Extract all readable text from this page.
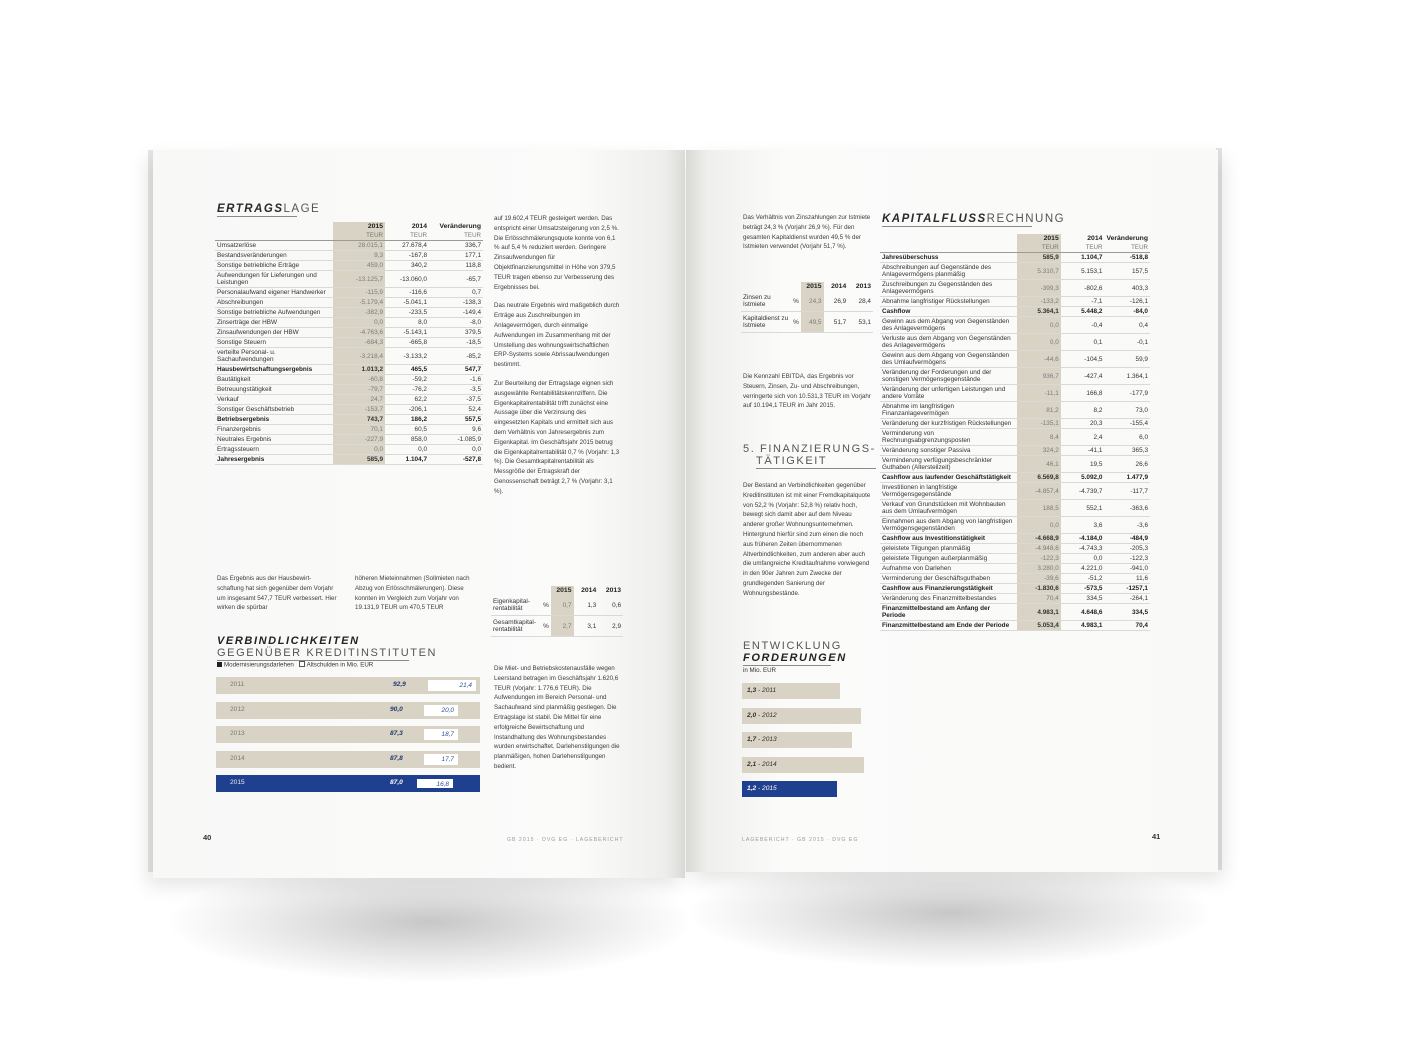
ERTRAGSLAGE
	2015	2014	Veränderung
	TEUR	TEUR	TEUR
Umsatzerlöse	28.015,1	27.678,4	336,7
Bestandsveränderungen	9,3	-167,8	177,1
Sonstige betriebliche Erträge	459,0	340,2	118,8
Aufwendungen für Lieferungen und Leistungen	-13.125,7	-13.060,0	-65,7
Personalaufwand eigener Handwerker	-115,9	-116,6	0,7
Abschreibungen	-5.179,4	-5.041,1	-138,3
Sonstige betriebliche Aufwendungen	-382,9	-233,5	-149,4
Zinserträge der HBW	0,0	8,0	-8,0
Zinsaufwendungen der HBW	-4.763,6	-5.143,1	379,5
Sonstige Steuern	-684,3	-665,8	-18,5
verteilte Personal- u. Sachaufwendungen	-3.218,4	-3.133,2	-85,2
Hausbewirtschaftungsergebnis	1.013,2	465,5	547,7
Bautätigkeit	-60,8	-59,2	-1,6
Betreuungstätigkeit	-79,7	-76,2	-3,5
Verkauf	24,7	62,2	-37,5
Sonstiger Geschäftsbetrieb	-153,7	-206,1	52,4
Betriebsergebnis	743,7	186,2	557,5
Finanzergebnis	70,1	60,5	9,6
Neutrales Ergebnis	-227,9	858,0	-1.085,9
Ertragssteuern	0,0	0,0	0,0
Jahresergebnis	585,9	1.104,7	-527,8

Das Ergebnis aus der Hausbewirt-schaftung hat sich gegenüber dem Vorjahr um insgesamt 547,7 TEUR verbessert. Hier wirken die spürbar

höheren Mieteinnahmen (Sollmieten nach Abzug von Erlösschmälerungen). Diese konnten im Vergleich zum Vorjahr von 19.131,9 TEUR um 470,5 TEUR

VERBINDLICHKEITEN
GEGENÜBER KREDITINSTITUTEN
Modernisierungsdarlehen Altschulden in Mio. EUR
2011	92,9	21,4
2012	90,0	20,0
2013	87,3	18,7
2014	87,8	17,7
2015	87,0	16,8

auf 19.602,4 TEUR gesteigert werden. Das entspricht einer Umsatzsteigerung von 2,5 %. Die Erlösschmälerungsquote konnte von 6,1 % auf 5,4 % reduziert werden. Geringere Zinsaufwendungen für Objektfinanzierungsmittel in Höhe von 379,5 TEUR tragen ebenso zur Verbesserung des Ergebnisses bei.

Das neutrale Ergebnis wird maßgeblich durch Erträge aus Zuschreibungen im Anlagevermögen, durch einmalige Aufwendungen im Zusammenhang mit der Umstellung des wohnungswirtschaftlichen ERP-Systems sowie Abrissaufwendungen bestimmt.

Zur Beurteilung der Ertragslage eignen sich ausgewählte Rentabilitätskennziffern. Die Eigenkapitalrentabilität trifft zunächst eine Aussage über die Verzinsung des eingesetzten Kapitals und ermittelt sich aus dem Verhältnis von Jahresergebnis zum Eigenkapital. Im Geschäftsjahr 2015 betrug die Eigenkapitalrentabilität 0,7 % (Vorjahr: 1,3 %). Die Gesamtkapitalrentabilität als Messgröße der Ertragskraft der Genossenschaft beträgt 2,7 % (Vorjahr: 3,1 %).

		2015	2014	2013
Eigenkapital-rentabilität	%	0,7	1,3	0,6
Gesamtkapital-rentabilität	%	2,7	3,1	2,9

Die Miet- und Betriebskostenausfälle wegen Leerstand betragen im Geschäftsjahr 1.620,6 TEUR (Vorjahr: 1.776,6 TEUR). Die Aufwendungen im Bereich Personal- und Sachaufwand sind planmäßig gestiegen. Die Ertragslage ist stabil. Die Mittel für eine erfolgreiche Bewirtschaftung und Instandhaltung des Wohnungsbestandes wurden erwirtschaftet. Darlehenstilgungen die planmäßigen, hohen Darlehenstilgungen bedient.

40	GB 2015 · DVG EG · LAGEBERICHT

Das Verhältnis von Zinszahlungen zur Istmiete beträgt 24,3 % (Vorjahr 26,9 %). Für den gesamten Kapitaldienst wurden 49,5 % der Istmieten verwendet (Vorjahr 51,7 %).

		2015	2014	2013
Zinsen zu Istmiete	%	24,3	26,9	28,4
Kapitaldienst zu Istmiete	%	49,5	51,7	53,1

Die Kennzahl EBITDA, das Ergebnis vor Steuern, Zinsen, Zu- und Abschreibungen, verringerte sich von 10.531,3 TEUR im Vorjahr auf 10.194,1 TEUR im Jahr 2015.

5. FINANZIERUNGS-
TÄTIGKEIT

Der Bestand an Verbindlichkeiten gegenüber Kreditinstituten ist mit einer Fremdkapitalquote von 52,2 % (Vorjahr: 52,8 %) relativ hoch, bewegt sich damit aber auf dem Niveau anderer großer Wohnungsunternehmen. Hintergrund hierfür sind zum einen die noch aus früheren Zeiten übernommenen Altverbindlichkeiten, zum anderen aber auch die umfangreiche Kreditaufnahme vorwiegend in den 90er Jahren zum Zwecke der grundlegenden Sanierung der Wohnungsbestände.

ENTWICKLUNG
FORDERUNGEN
in Mio. EUR
1,3 - 2011
2,0 - 2012
1,7 - 2013
2,1 - 2014
1,2 - 2015
KAPITALFLUSSRECHNUNG
	2015	2014	Veränderung
	TEUR	TEUR	TEUR
Jahresüberschuss	585,9	1.104,7	-518,8
Abschreibungen auf Gegenstände des Anlagevermögens planmäßig	5.310,7	5.153,1	157,5
Zuschreibungen zu Gegenständen des Anlagevermögens	-399,3	-802,6	403,3
Abnahme langfristiger Rückstellungen	-133,2	-7,1	-126,1
Cashflow	5.364,1	5.448,2	-84,0
Gewinn aus dem Abgang von Gegenständen des Anlagevermögens	0,0	-0,4	0,4
Verluste aus dem Abgang von Gegenständen des Anlagevermögens	0,0	0,1	-0,1
Gewinn aus dem Abgang von Gegenständen des Umlaufvermögens	-44,6	-104,5	59,9
Veränderung der Forderungen und der sonstigen Vermögensgegenstände	936,7	-427,4	1.364,1
Veränderung der unfertigen Leistungen und andere Vorräte	-11,1	166,8	-177,9
Abnahme im langfristigen Finanzanlagevermögen	81,2	8,2	73,0
Veränderung der kurzfristigen Rückstellungen	-135,1	20,3	-155,4
Verminderung von Rechnungsabgrenzungsposten	8,4	2,4	6,0
Veränderung sonstiger Passiva	324,2	-41,1	365,3
Verminderung verfügungsbeschränkter Guthaben (Altersteilzeit)	46,1	19,5	26,6
Cashflow aus laufender Geschäftstätigkeit	6.569,8	5.092,0	1.477,9
Investitionen in langfristige Vermögensgegenstände	-4.857,4	-4.739,7	-117,7
Verkauf von Grundstücken mit Wohnbauten aus dem Umlaufvermögen	188,5	552,1	-363,6
Einnahmen aus dem Abgang von langfristigen Vermögensgegenständen	0,0	3,6	-3,6
Cashflow aus Investitionstätigkeit	-4.668,9	-4.184,0	-484,9
geleistete Tilgungen planmäßig	-4.948,6	-4.743,3	-205,3
geleistete Tilgungen außerplanmäßig	-122,3	0,0	-122,3
Aufnahme von Darlehen	3.280,0	4.221,0	-941,0
Verminderung der Geschäftsguthaben	-39,6	-51,2	11,6
Cashflow aus Finanzierungstätigkeit	-1.830,6	-573,5	-1257,1
Veränderung des Finanzmittelbestandes	70,4	334,5	-264,1
Finanzmittelbestand am Anfang der Periode	4.983,1	4.648,6	334,5
Finanzmittelbestand am Ende der Periode	5.053,4	4.983,1	70,4
LAGEBERICHT · GB 2015 · DVG EG	41
